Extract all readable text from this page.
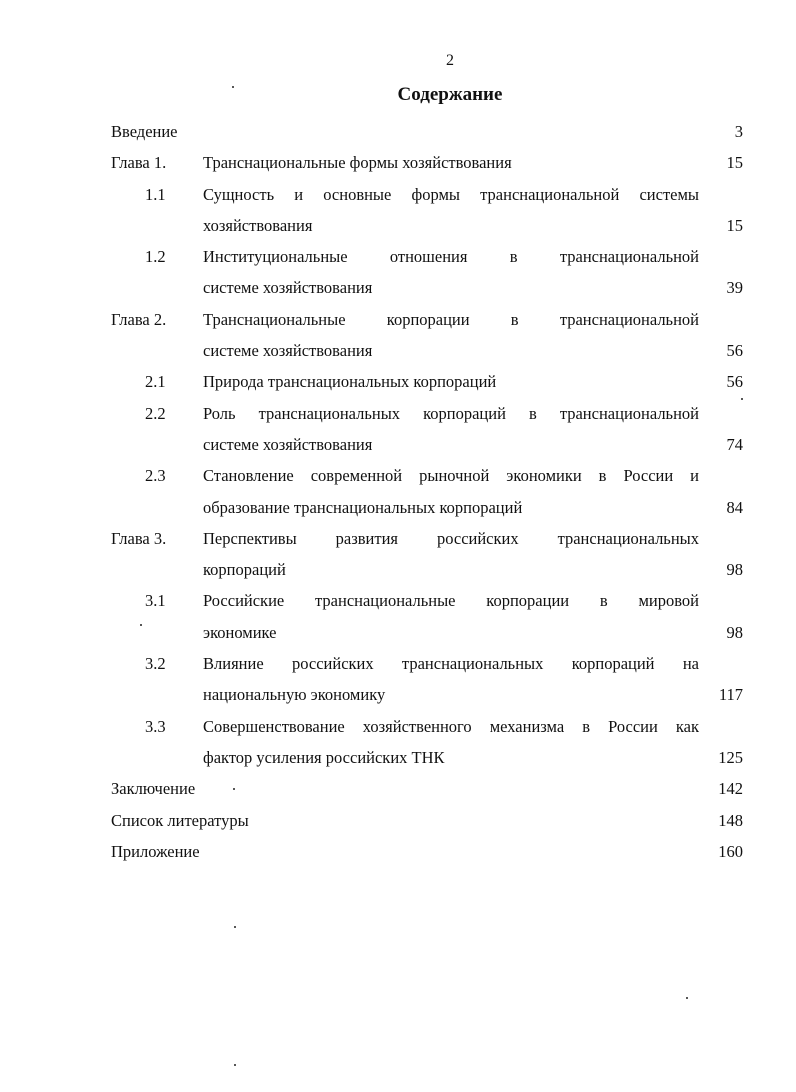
2
Содержание
Введение	3
Глава 1. Транснациональные формы хозяйствования	15
1.1 Сущность и основные формы транснациональной системы
хозяйствования	15
1.2 Институциональные отношения в транснациональной
системе хозяйствования	39
Глава 2. Транснациональные корпорации в транснациональной
системе хозяйствования	56
2.1 Природа транснациональных корпораций	56
2.2 Роль транснациональных корпораций в транснациональной
системе хозяйствования	74
2.3 Становление современной рыночной экономики в России и
образование транснациональных корпораций	84
Глава 3. Перспективы развития российских транснациональных
корпораций	98
3.1 Российские транснациональные корпорации в мировой
экономике	98
3.2 Влияние российских транснациональных корпораций на
национальную экономику	117
3.3 Совершенствование хозяйственного механизма в России как
фактор усиления российских ТНК	125
Заключение	142
Список литературы	148
Приложение	160
